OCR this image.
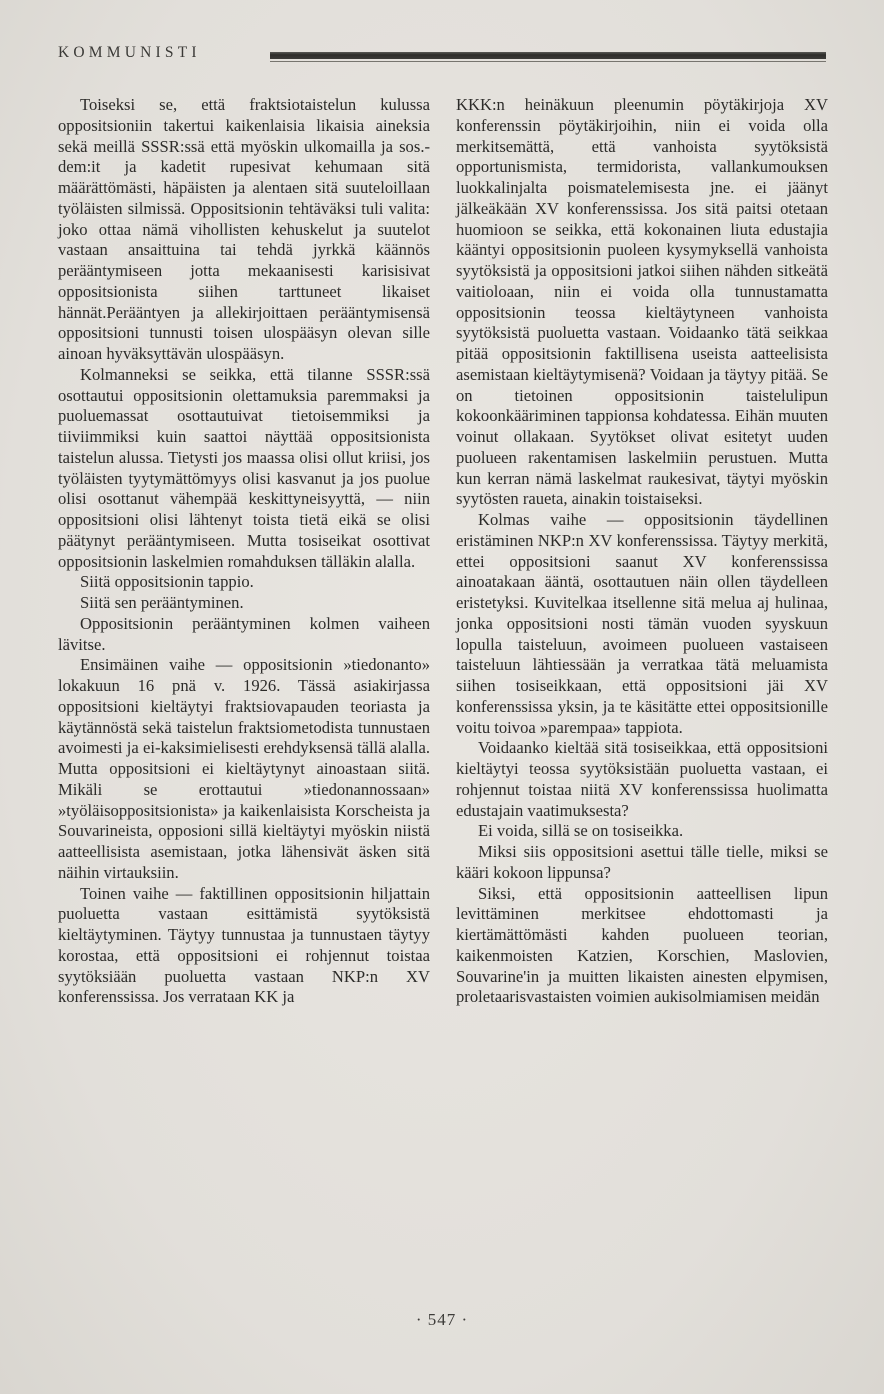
KOMMUNISTI

Toiseksi se, että fraktsiotaistelun kulussa oppositsioniin takertui kaikenlaisia likaisia aineksia sekä meillä SSSR:ssä että myöskin ulkomailla ja sos.-dem:it ja kadetit rupesivat kehumaan sitä määrättömästi, häpäisten ja alentaen sitä suuteloillaan työläisten silmissä. Oppositsionin tehtäväksi tuli valita: joko ottaa nämä vihollisten kehuskelut ja suutelot vastaan ansaittuina tai tehdä jyrkkä käännös perääntymiseen jotta mekaanisesti karisisivat oppositsionista siihen tarttuneet likaiset hännät.Perääntyen ja allekirjoittaen perääntymisensä oppositsioni tunnusti toisen ulospääsyn olevan sille ainoan hyväksyttävän ulospääsyn.

Kolmanneksi se seikka, että tilanne SSSR:ssä osottautui oppositsionin olettamuksia paremmaksi ja puoluemassat osottautuivat tietoisemmiksi ja tiiviimmiksi kuin saattoi näyttää oppositsionista taistelun alussa. Tietysti jos maassa olisi ollut kriisi, jos työläisten tyytymättömyys olisi kasvanut ja jos puolue olisi osottanut vähempää keskittyneisyyttä, — niin oppositsioni olisi lähtenyt toista tietä eikä se olisi päätynyt perääntymiseen. Mutta tosiseikat osottivat oppositsionin laskelmien romahduksen tälläkin alalla.

Siitä oppositsionin tappio.

Siitä sen perääntyminen.

Oppositsionin perääntyminen kolmen vaiheen lävitse.

Ensimäinen vaihe — oppositsionin »tiedonanto» lokakuun 16 pnä v. 1926. Tässä asiakirjassa oppositsioni kieltäytyi fraktsiovapauden teoriasta ja käytännöstä sekä taistelun fraktsiometodista tunnustaen avoimesti ja ei-kaksimielisesti erehdyksensä tällä alalla. Mutta oppositsioni ei kieltäytynyt ainoastaan siitä. Mikäli se erottautui »tiedonannossaan» »työläisoppositsionista» ja kaikenlaisista Korscheista ja Souvarineista, opposioni sillä kieltäytyi myöskin niistä aatteellisista asemistaan, jotka lähensivät äsken sitä näihin virtauksiin.

Toinen vaihe — faktillinen oppositsionin hiljattain puoluetta vastaan esittämistä syytöksistä kieltäytyminen. Täytyy tunnustaa ja tunnustaen täytyy korostaa, että oppositsioni ei rohjennut toistaa syytöksiään puoluetta vastaan NKP:n XV konferenssissa. Jos verrataan KK ja

KKK:n heinäkuun pleenumin pöytäkirjoja XV konferenssin pöytäkirjoihin, niin ei voida olla merkitsemättä, että vanhoista syytöksistä opportunismista, termidorista, vallankumouksen luokkalinjalta poismatelemisesta jne. ei jäänyt jälkeäkään XV konferenssissa. Jos sitä paitsi otetaan huomioon se seikka, että kokonainen liuta edustajia kääntyi oppositsionin puoleen kysymyksellä vanhoista syytöksistä ja oppositsioni jatkoi siihen nähden sitkeätä vaitioloaan, niin ei voida olla tunnustamatta oppositsionin teossa kieltäytyneen vanhoista syytöksistä puoluetta vastaan. Voidaanko tätä seikkaa pitää oppositsionin faktillisena useista aatteelisista asemistaan kieltäytymisenä? Voidaan ja täytyy pitää. Se on tietoinen oppositsionin taistelulipun kokoonkääriminen tappionsa kohdatessa. Eihän muuten voinut ollakaan. Syytökset olivat esitetyt uuden puolueen rakentamisen laskelmiin perustuen. Mutta kun kerran nämä laskelmat raukesivat, täytyi myöskin syytösten raueta, ainakin toistaiseksi.

Kolmas vaihe — oppositsionin täydellinen eristäminen NKP:n XV konferenssissa. Täytyy merkitä, ettei oppositsioni saanut XV konferenssissa ainoatakaan ääntä, osottautuen näin ollen täydelleen eristetyksi. Kuvitelkaa itsellenne sitä melua aj hulinaa, jonka oppositsioni nosti tämän vuoden syyskuun lopulla taisteluun, avoimeen puolueen vastaiseen taisteluun lähtiessään ja verratkaa tätä meluamista siihen tosiseikkaan, että oppositsioni jäi XV konferenssissa yksin, ja te käsitätte ettei oppositsionille voitu toivoa »parempaa» tappiota.

Voidaanko kieltää sitä tosiseikkaa, että oppositsioni kieltäytyi teossa syytöksistään puoluetta vastaan, ei rohjennut toistaa niitä XV konferenssissa huolimatta edustajain vaatimuksesta?

Ei voida, sillä se on tosiseikka.

Miksi siis oppositsioni asettui tälle tielle, miksi se kääri kokoon lippunsa?

Siksi, että oppositsionin aatteellisen lipun levittäminen merkitsee ehdottomasti ja kiertämättömästi kahden puolueen teorian, kaikenmoisten Katzien, Korschien, Maslovien, Souvarine'in ja muitten likaisten ainesten elpymisen, proletaarisvastaisten voimien aukisolmiamisen meidän

· 547 ·
